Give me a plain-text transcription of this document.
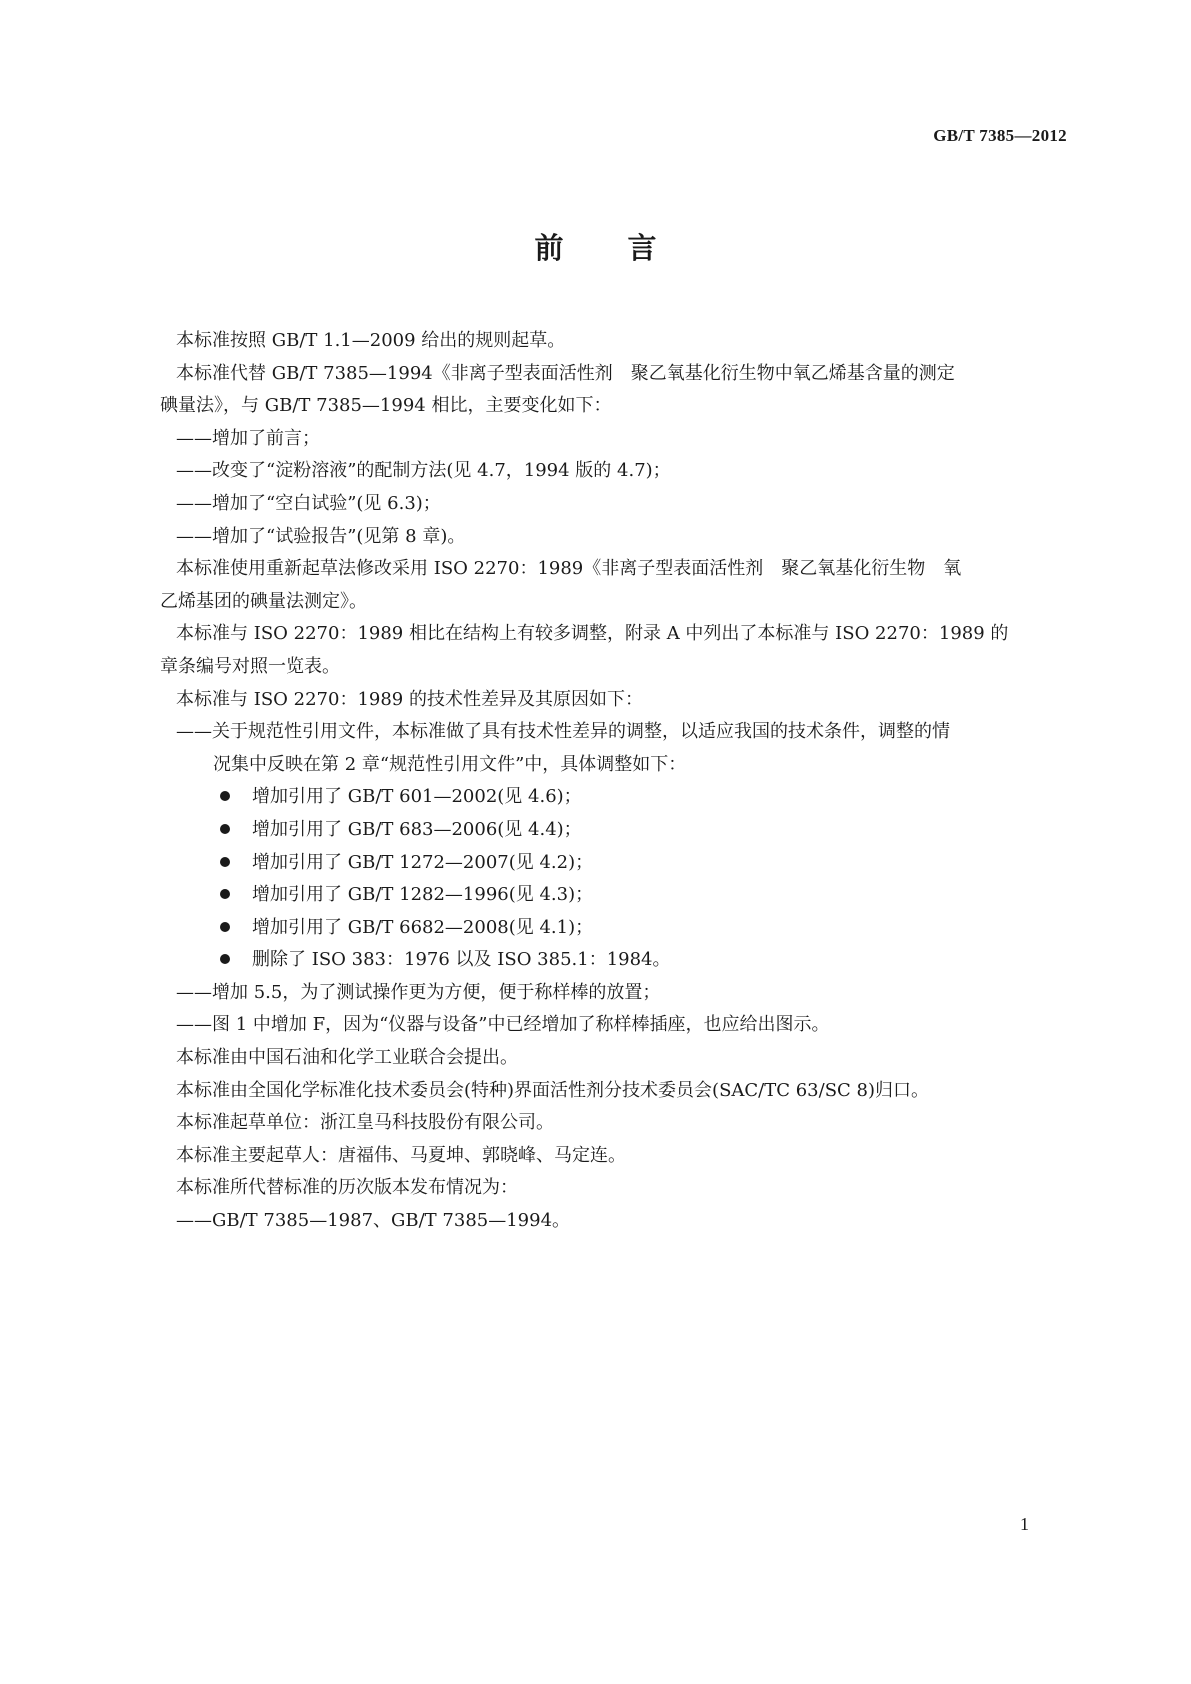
GB/T 7385—2012
前 言
本标准按照 GB/T 1.1—2009 给出的规则起草。
本标准代替 GB/T 7385—1994《非离子型表面活性剂　聚乙氧基化衍生物中氧乙烯基含量的测定
碘量法》，与 GB/T 7385—1994 相比，主要变化如下：
——增加了前言；
——改变了“淀粉溶液”的配制方法(见 4.7，1994 版的 4.7)；
——增加了“空白试验”(见 6.3)；
——增加了“试验报告”(见第 8 章)。
本标准使用重新起草法修改采用 ISO 2270：1989《非离子型表面活性剂　聚乙氧基化衍生物　氧
乙烯基团的碘量法测定》。
本标准与 ISO 2270：1989 相比在结构上有较多调整，附录 A 中列出了本标准与 ISO 2270：1989 的
章条编号对照一览表。
本标准与 ISO 2270：1989 的技术性差异及其原因如下：
——关于规范性引用文件，本标准做了具有技术性差异的调整，以适应我国的技术条件，调整的情
况集中反映在第 2 章“规范性引用文件”中，具体调整如下：
增加引用了 GB/T 601—2002(见 4.6)；
增加引用了 GB/T 683—2006(见 4.4)；
增加引用了 GB/T 1272—2007(见 4.2)；
增加引用了 GB/T 1282—1996(见 4.3)；
增加引用了 GB/T 6682—2008(见 4.1)；
删除了 ISO 383：1976 以及 ISO 385.1：1984。
——增加 5.5，为了测试操作更为方便，便于称样棒的放置；
——图 1 中增加 F，因为“仪器与设备”中已经增加了称样棒插座，也应给出图示。
本标准由中国石油和化学工业联合会提出。
本标准由全国化学标准化技术委员会(特种)界面活性剂分技术委员会(SAC/TC 63/SC 8)归口。
本标准起草单位：浙江皇马科技股份有限公司。
本标准主要起草人：唐福伟、马夏坤、郭晓峰、马定连。
本标准所代替标准的历次版本发布情况为：
——GB/T 7385—1987、GB/T 7385—1994。
1
